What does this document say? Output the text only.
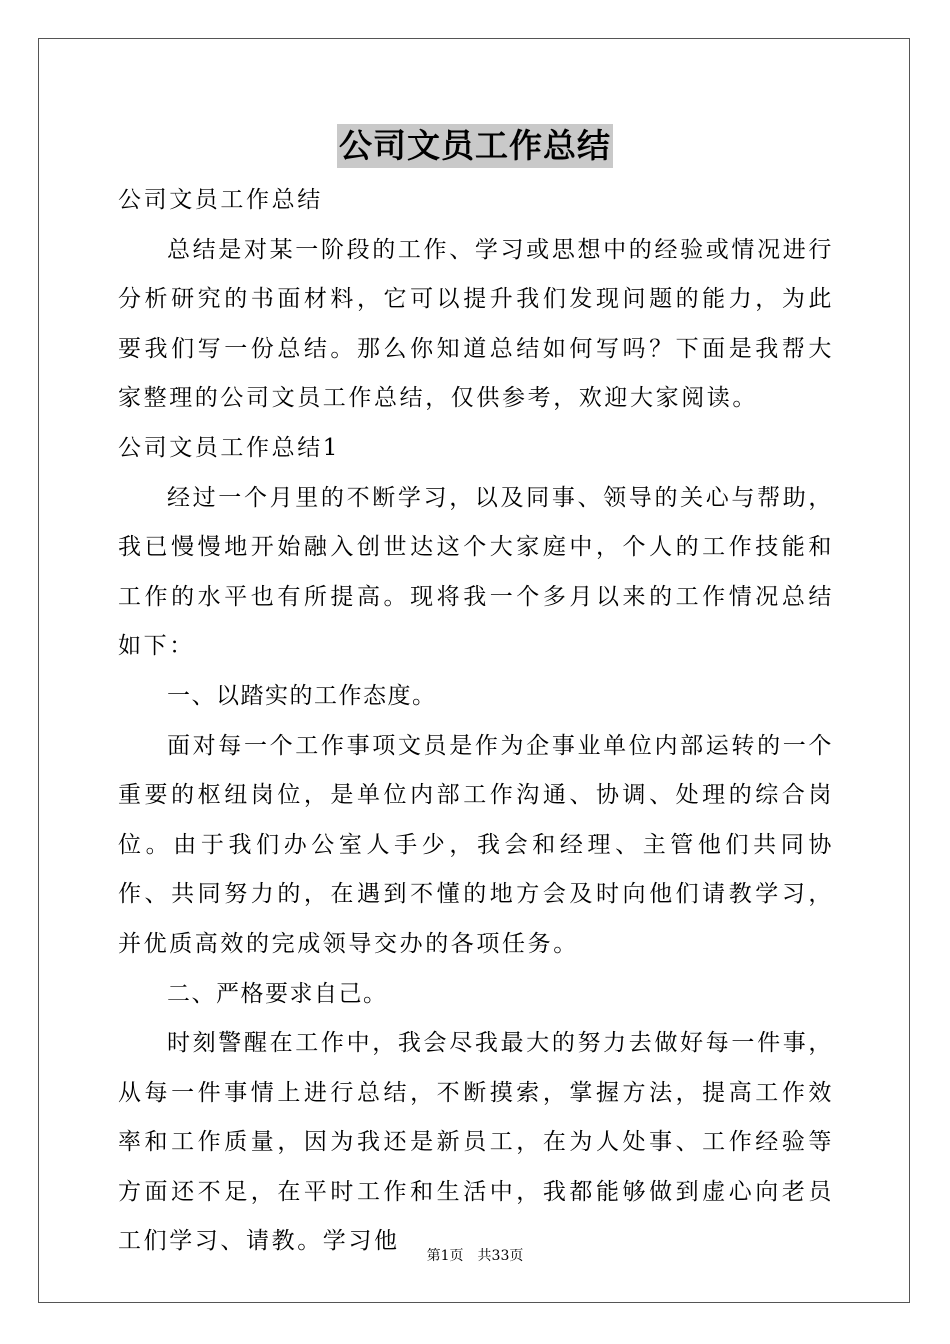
公司文员工作总结

公司文员工作总结

总结是对某一阶段的工作、学习或思想中的经验或情况进行分析研究的书面材料，它可以提升我们发现问题的能力，为此要我们写一份总结。那么你知道总结如何写吗？下面是我帮大家整理的公司文员工作总结，仅供参考，欢迎大家阅读。

公司文员工作总结1

经过一个月里的不断学习，以及同事、领导的关心与帮助，我已慢慢地开始融入创世达这个大家庭中，个人的工作技能和工作的水平也有所提高。现将我一个多月以来的工作情况总结如下：

一、以踏实的工作态度。

面对每一个工作事项文员是作为企事业单位内部运转的一个重要的枢纽岗位，是单位内部工作沟通、协调、处理的综合岗位。由于我们办公室人手少，我会和经理、主管他们共同协作、共同努力的，在遇到不懂的地方会及时向他们请教学习，并优质高效的完成领导交办的各项任务。

二、严格要求自己。

时刻警醒在工作中，我会尽我最大的努力去做好每一件事，从每一件事情上进行总结，不断摸索，掌握方法，提高工作效率和工作质量，因为我还是新员工，在为人处事、工作经验等方面还不足，在平时工作和生活中，我都能够做到虚心向老员工们学习、请教。学习他

第1页　共33页
